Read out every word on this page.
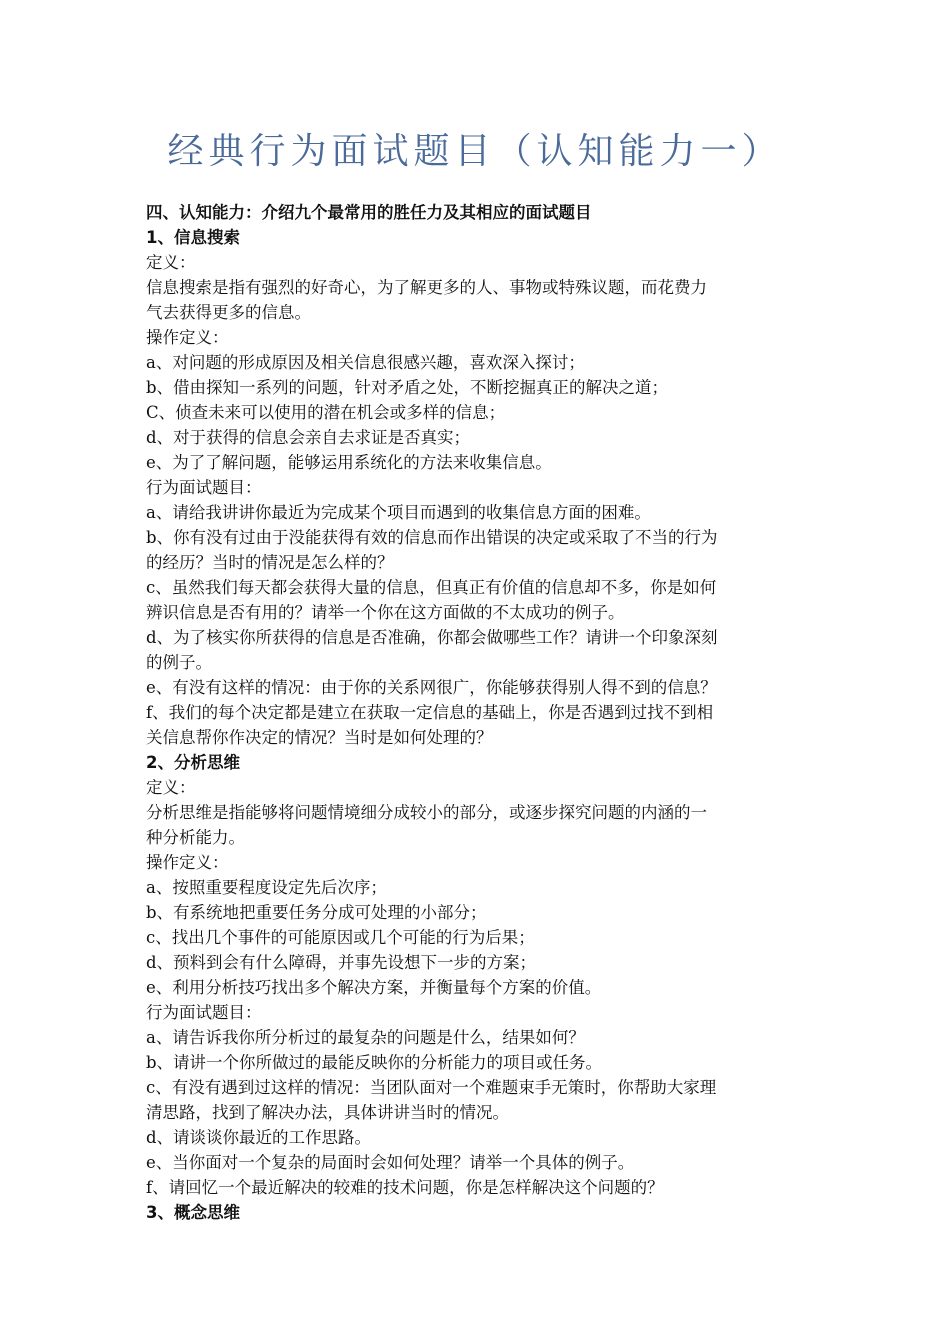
经典行为面试题目（认知能力一）

四、认知能力：介绍九个最常用的胜任力及其相应的面试题目

1、信息搜索

定义：

信息搜索是指有强烈的好奇心，为了解更多的人、事物或特殊议题，而花费力

气去获得更多的信息。

操作定义：

a、对问题的形成原因及相关信息很感兴趣，喜欢深入探讨；

b、借由探知一系列的问题，针对矛盾之处，不断挖掘真正的解决之道；

C、侦查未来可以使用的潜在机会或多样的信息；

d、对于获得的信息会亲自去求证是否真实；

e、为了了解问题，能够运用系统化的方法来收集信息。

行为面试题目：

a、请给我讲讲你最近为完成某个项目而遇到的收集信息方面的困难。

b、你有没有过由于没能获得有效的信息而作出错误的决定或采取了不当的行为

的经历？当时的情况是怎么样的？

c、虽然我们每天都会获得大量的信息，但真正有价值的信息却不多，你是如何

辨识信息是否有用的？请举一个你在这方面做的不太成功的例子。

d、为了核实你所获得的信息是否准确，你都会做哪些工作？请讲一个印象深刻

的例子。

e、有没有这样的情况：由于你的关系网很广，你能够获得别人得不到的信息？

f、我们的每个决定都是建立在获取一定信息的基础上，你是否遇到过找不到相

关信息帮你作决定的情况？当时是如何处理的？

2、分析思维

定义：

分析思维是指能够将问题情境细分成较小的部分，或逐步探究问题的内涵的一

种分析能力。

操作定义：

a、按照重要程度设定先后次序；

b、有系统地把重要任务分成可处理的小部分；

c、找出几个事件的可能原因或几个可能的行为后果；

d、预料到会有什么障碍，并事先设想下一步的方案；

e、利用分析技巧找出多个解决方案，并衡量每个方案的价值。

行为面试题目：

a、请告诉我你所分析过的最复杂的问题是什么，结果如何？

b、请讲一个你所做过的最能反映你的分析能力的项目或任务。

c、有没有遇到过这样的情况：当团队面对一个难题束手无策时，你帮助大家理

清思路，找到了解决办法，具体讲讲当时的情况。

d、请谈谈你最近的工作思路。

e、当你面对一个复杂的局面时会如何处理？请举一个具体的例子。

f、请回忆一个最近解决的较难的技术问题，你是怎样解决这个问题的？

3、概念思维
